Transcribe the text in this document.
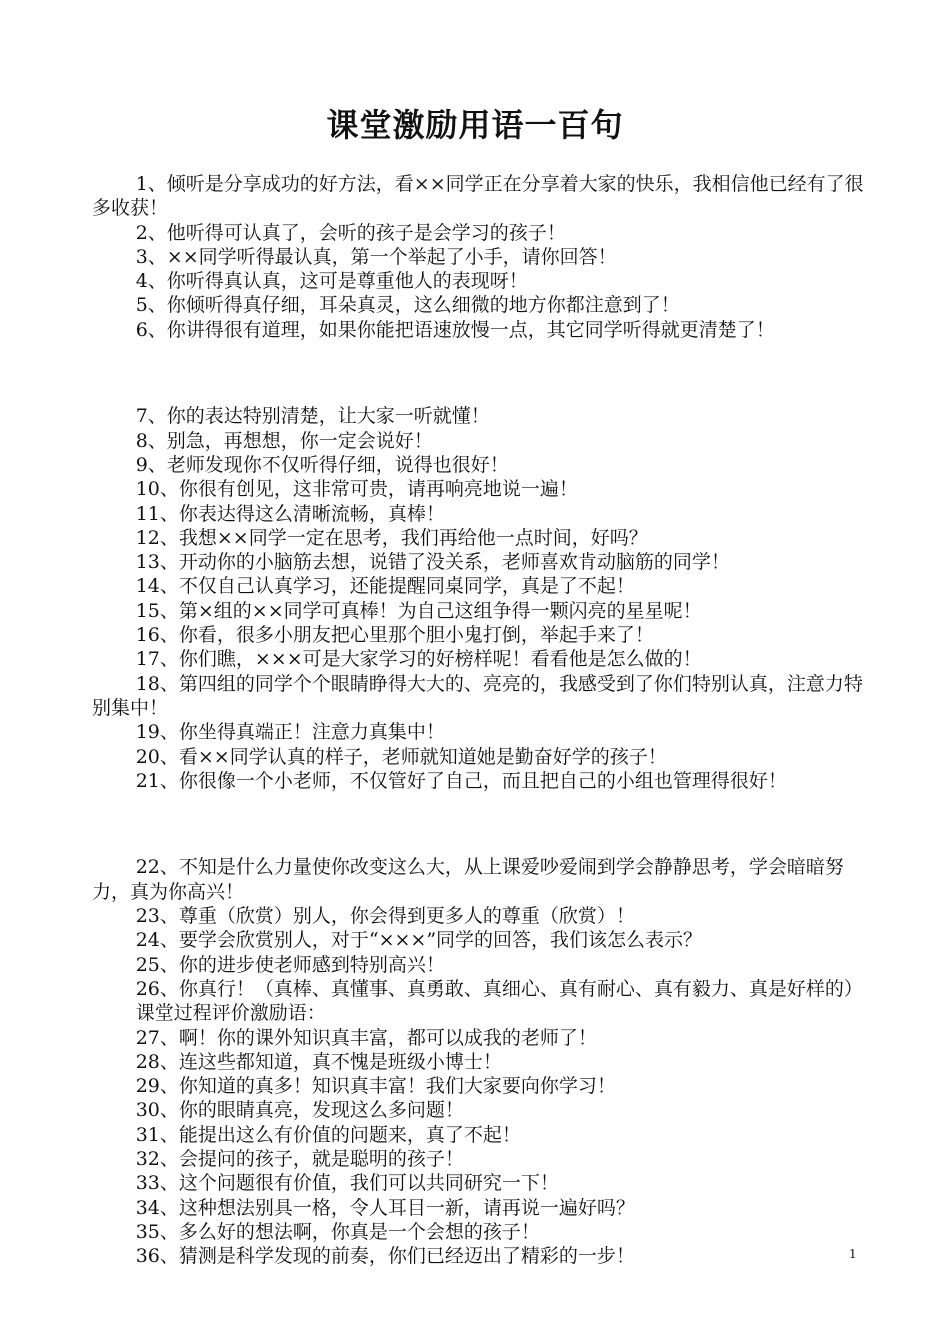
课堂激励用语一百句

1、倾听是分享成功的好方法，看××同学正在分享着大家的快乐，我相信他已经有了很多收获！

2、他听得可认真了，会听的孩子是会学习的孩子！

3、××同学听得最认真，第一个举起了小手，请你回答！

4、你听得真认真，这可是尊重他人的表现呀！

5、你倾听得真仔细，耳朵真灵，这么细微的地方你都注意到了！

6、你讲得很有道理，如果你能把语速放慢一点，其它同学听得就更清楚了！

7、你的表达特别清楚，让大家一听就懂！

8、别急，再想想，你一定会说好！

9、老师发现你不仅听得仔细，说得也很好！

10、你很有创见，这非常可贵，请再响亮地说一遍！

11、你表达得这么清晰流畅，真棒！

12、我想××同学一定在思考，我们再给他一点时间，好吗？

13、开动你的小脑筋去想，说错了没关系，老师喜欢肯动脑筋的同学！

14、不仅自己认真学习，还能提醒同桌同学，真是了不起！

15、第×组的××同学可真棒！为自己这组争得一颗闪亮的星星呢！

16、你看，很多小朋友把心里那个胆小鬼打倒，举起手来了！

17、你们瞧，×××可是大家学习的好榜样呢！看看他是怎么做的！

18、第四组的同学个个眼睛睁得大大的、亮亮的，我感受到了你们特别认真，注意力特别集中！

19、你坐得真端正！注意力真集中！

20、看××同学认真的样子，老师就知道她是勤奋好学的孩子！

21、你很像一个小老师，不仅管好了自己，而且把自己的小组也管理得很好！

22、不知是什么力量使你改变这么大，从上课爱吵爱闹到学会静静思考，学会暗暗努力，真为你高兴！

23、尊重（欣赏）别人，你会得到更多人的尊重（欣赏）！

24、要学会欣赏别人，对于“×××”同学的回答，我们该怎么表示？

25、你的进步使老师感到特别高兴！

26、你真行！（真棒、真懂事、真勇敢、真细心、真有耐心、真有毅力、真是好样的）

课堂过程评价激励语：

27、啊！你的课外知识真丰富，都可以成我的老师了！

28、连这些都知道，真不愧是班级小博士！

29、你知道的真多！知识真丰富！我们大家要向你学习！

30、你的眼睛真亮，发现这么多问题！

31、能提出这么有价值的问题来，真了不起！

32、会提问的孩子，就是聪明的孩子！

33、这个问题很有价值，我们可以共同研究一下！

34、这种想法别具一格，令人耳目一新，请再说一遍好吗？

35、多么好的想法啊，你真是一个会想的孩子！

36、猜测是科学发现的前奏，你们已经迈出了精彩的一步！	1
